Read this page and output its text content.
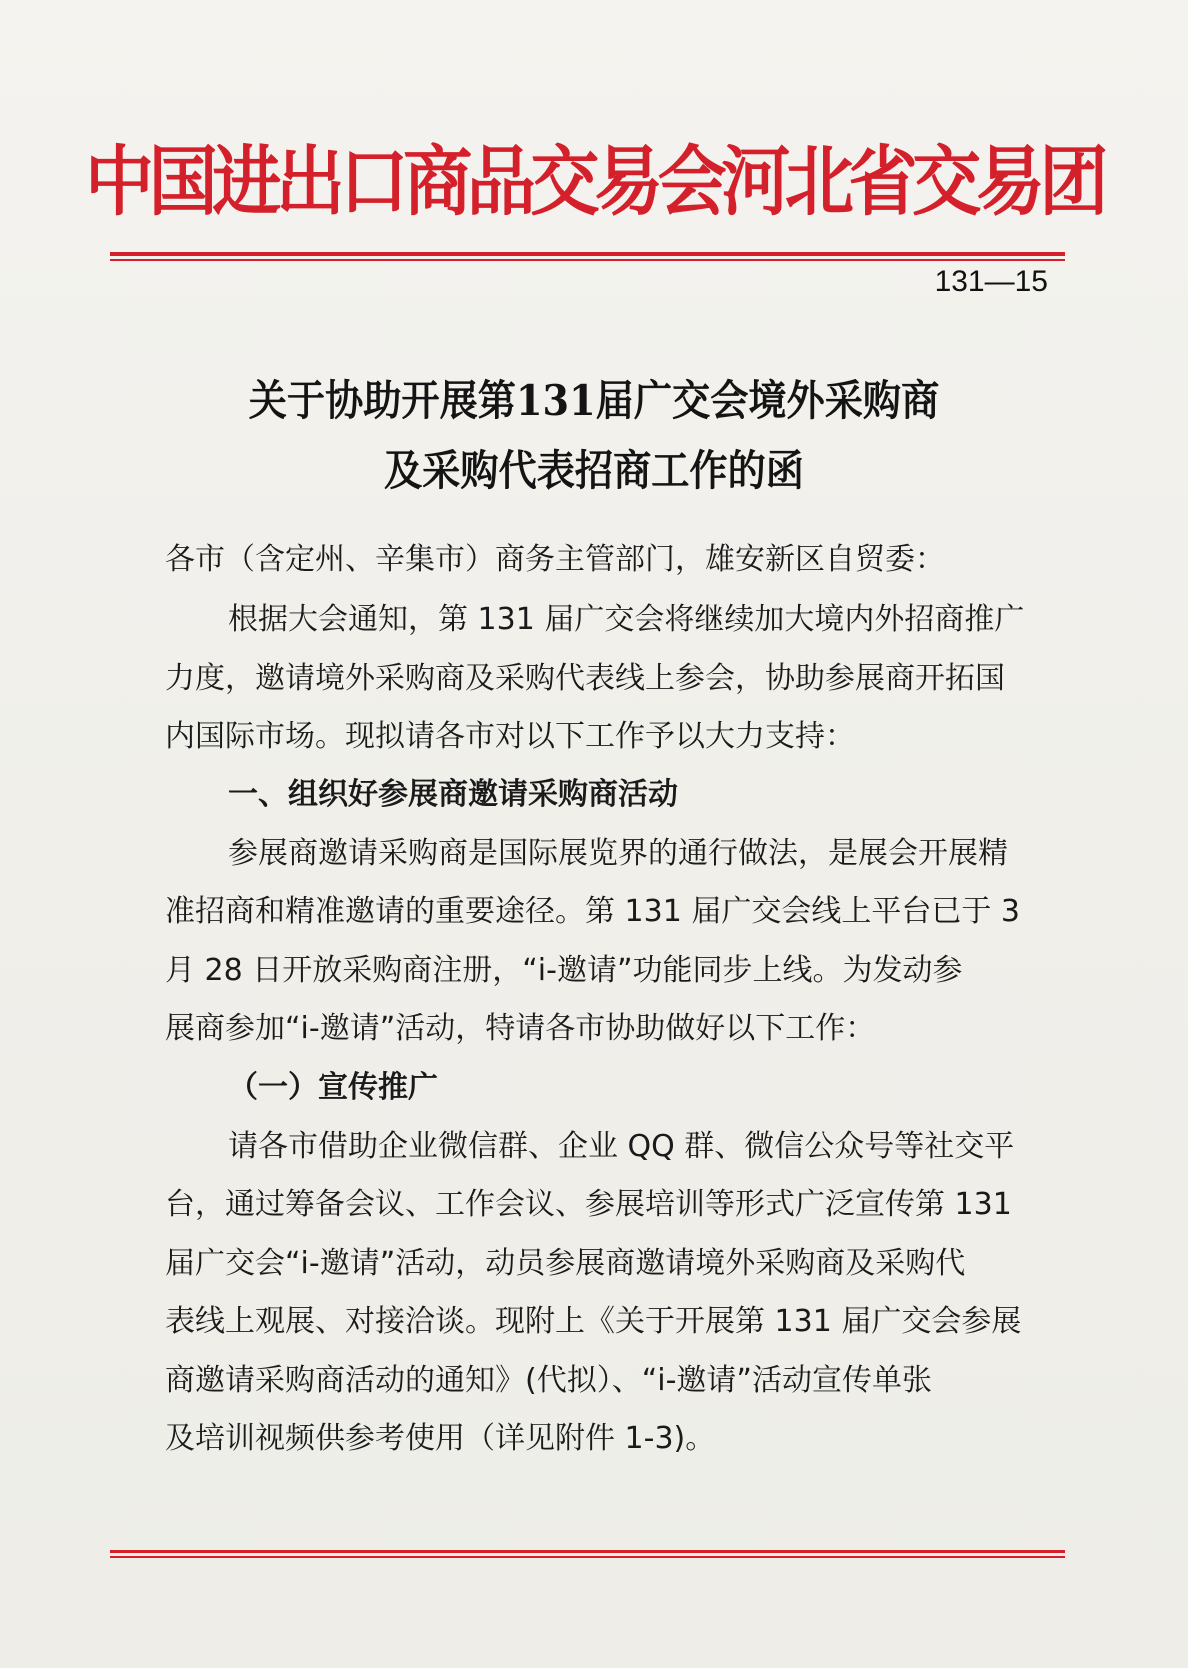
中国进出口商品交易会河北省交易团
131—15
关于协助开展第131届广交会境外采购商
及采购代表招商工作的函
各市（含定州、辛集市）商务主管部门，雄安新区自贸委：
根据大会通知，第 131 届广交会将继续加大境内外招商推广
力度，邀请境外采购商及采购代表线上参会，协助参展商开拓国
内国际市场。现拟请各市对以下工作予以大力支持：
一、组织好参展商邀请采购商活动
参展商邀请采购商是国际展览界的通行做法，是展会开展精
准招商和精准邀请的重要途径。第 131 届广交会线上平台已于 3
月 28 日开放采购商注册，“i-邀请”功能同步上线。为发动参
展商参加“i-邀请”活动，特请各市协助做好以下工作：
（一）宣传推广
请各市借助企业微信群、企业 QQ 群、微信公众号等社交平
台，通过筹备会议、工作会议、参展培训等形式广泛宣传第 131
届广交会“i-邀请”活动，动员参展商邀请境外采购商及采购代
表线上观展、对接洽谈。现附上《关于开展第 131 届广交会参展
商邀请采购商活动的通知》(代拟）、“i-邀请”活动宣传单张
及培训视频供参考使用（详见附件 1-3)。
